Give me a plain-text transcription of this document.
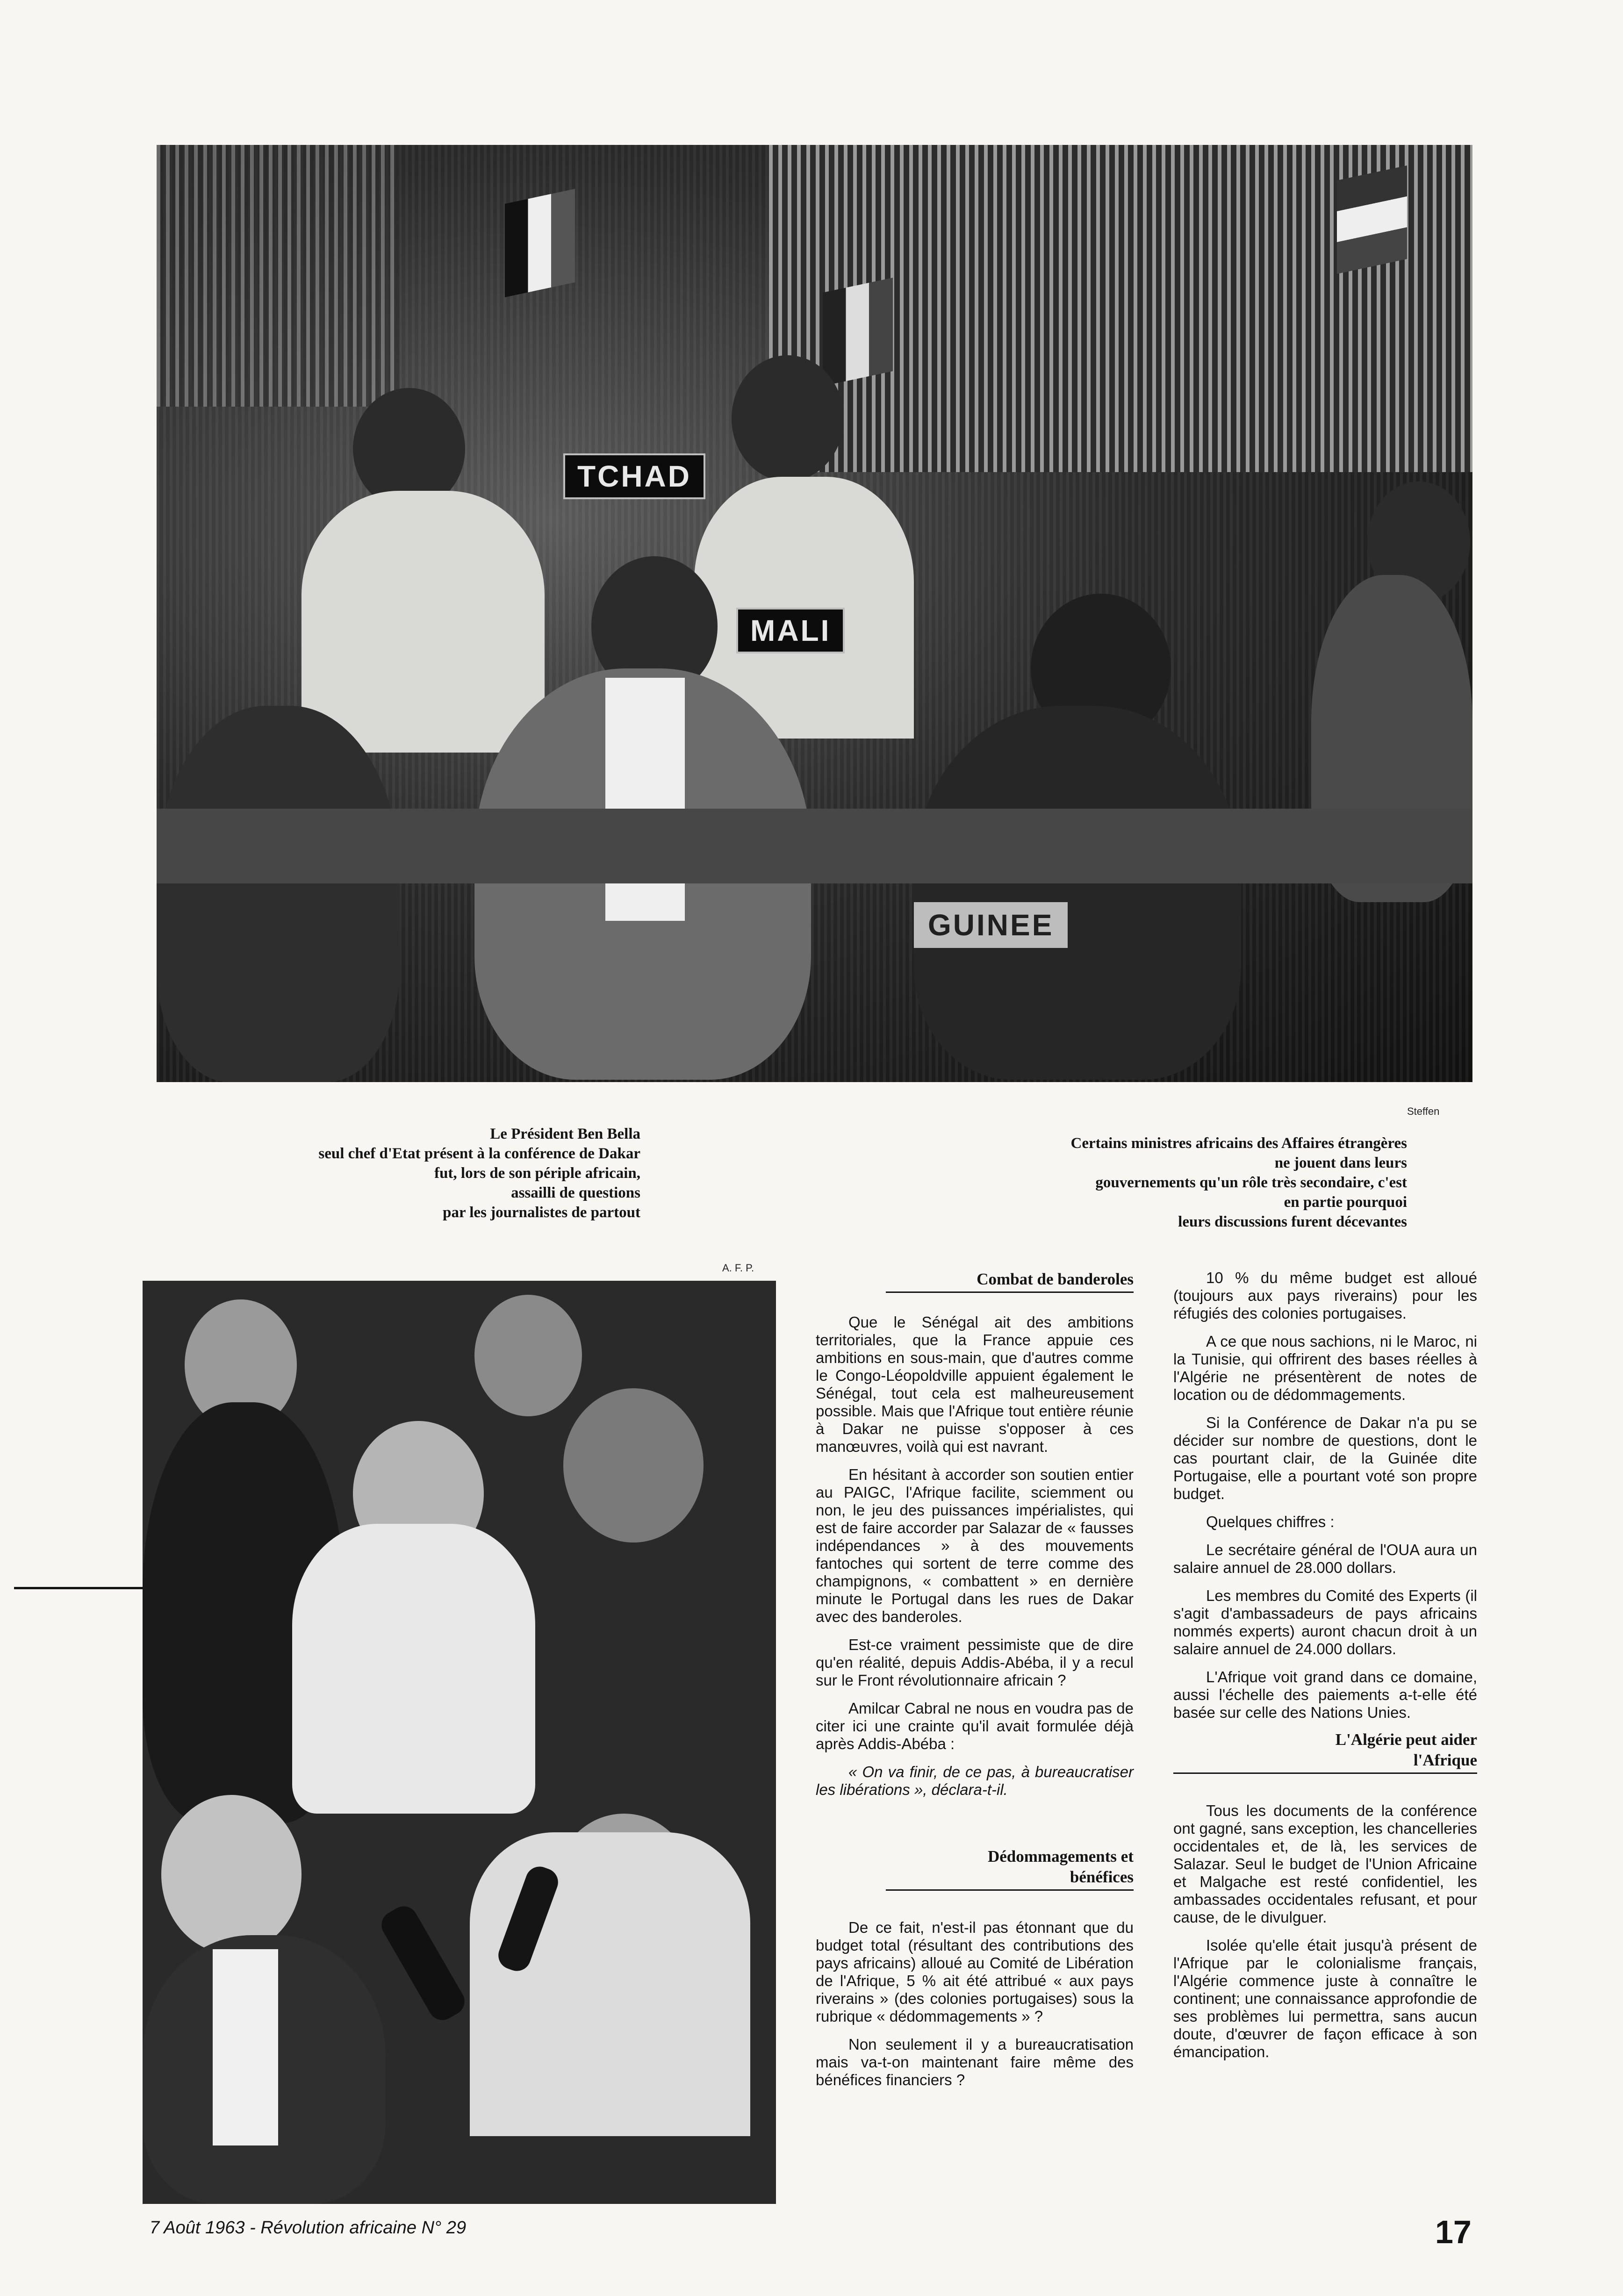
TCHAD
MALI
GUINEE
Steffen
Le Président Ben Bella
seul chef d'Etat présent à la conférence de Dakar
fut, lors de son périple africain,
assailli de questions
par les journalistes de partout
Certains ministres africains des Affaires étrangères
ne jouent dans leurs
gouvernements qu'un rôle très secondaire, c'est
en partie pourquoi
leurs discussions furent décevantes
A. F. P.
Combat de banderoles

Que le Sénégal ait des ambitions territoriales, que la France appuie ces ambitions en sous-main, que d'autres comme le Congo-Léopoldville appuient également le Sénégal, tout cela est malheureusement possible. Mais que l'Afrique tout entière réunie à Dakar ne puisse s'opposer à ces manœuvres, voilà qui est navrant.

En hésitant à accorder son soutien entier au PAIGC, l'Afrique facilite, sciemment ou non, le jeu des puissances impérialistes, qui est de faire accorder par Salazar de « fausses indépendances » à des mouvements fantoches qui sortent de terre comme des champignons, « combattent » en dernière minute le Portugal dans les rues de Dakar avec des banderoles.

Est-ce vraiment pessimiste que de dire qu'en réalité, depuis Addis-Abéba, il y a recul sur le Front révolutionnaire africain ?

Amilcar Cabral ne nous en voudra pas de citer ici une crainte qu'il avait formulée déjà après Addis-Abéba :

« On va finir, de ce pas, à bureaucratiser les libérations », déclara-t-il.

Dédommagements et
bénéfices

De ce fait, n'est-il pas étonnant que du budget total (résultant des contributions des pays africains) alloué au Comité de Libération de l'Afrique, 5 % ait été attribué « aux pays riverains » (des colonies portugaises) sous la rubrique « dédommagements » ?

Non seulement il y a bureaucratisation mais va-t-on maintenant faire même des bénéfices financiers ?

10 % du même budget est alloué (toujours aux pays riverains) pour les réfugiés des colonies portugaises.

A ce que nous sachions, ni le Maroc, ni la Tunisie, qui offrirent des bases réelles à l'Algérie ne présentèrent de notes de location ou de dédommagements.

Si la Conférence de Dakar n'a pu se décider sur nombre de questions, dont le cas pourtant clair, de la Guinée dite Portugaise, elle a pourtant voté son propre budget.

Quelques chiffres :

Le secrétaire général de l'OUA aura un salaire annuel de 28.000 dollars.

Les membres du Comité des Experts (il s'agit d'ambassadeurs de pays africains nommés experts) auront chacun droit à un salaire annuel de 24.000 dollars.

L'Afrique voit grand dans ce domaine, aussi l'échelle des paiements a-t-elle été basée sur celle des Nations Unies.

L'Algérie peut aider
l'Afrique

Tous les documents de la conférence ont gagné, sans exception, les chancelleries occidentales et, de là, les services de Salazar. Seul le budget de l'Union Africaine et Malgache est resté confidentiel, les ambassades occidentales refusant, et pour cause, de le divulguer.

Isolée qu'elle était jusqu'à présent de l'Afrique par le colonialisme français, l'Algérie commence juste à connaître le continent; une connaissance approfondie de ses problèmes lui permettra, sans aucun doute, d'œuvrer de façon efficace à son émancipation.

7 Août 1963 - Révolution africaine N° 29	17
